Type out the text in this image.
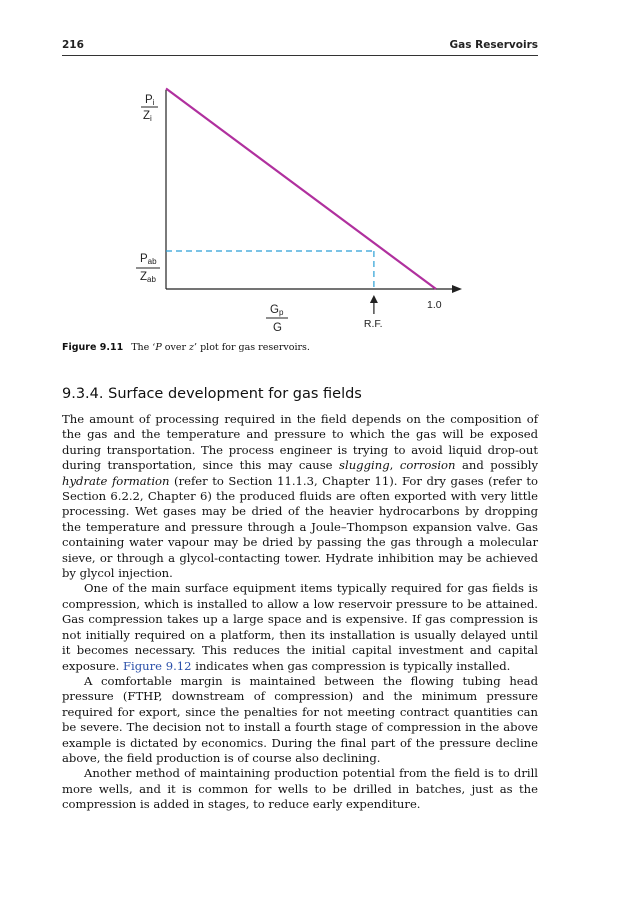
216	Gas Reservoirs
Pi
Zi
Pab
Zab
Gp
G
1.0
R.F.
Figure 9.11 The ‘P over z’ plot for gas reservoirs.
9.3.4. Surface development for gas fields

The amount of processing required in the field depends on the composition of the gas and the temperature and pressure to which the gas will be exposed during transportation. The process engineer is trying to avoid liquid drop-out during transportation, since this may cause slugging, corrosion and possibly hydrate formation (refer to Section 11.1.3, Chapter 11). For dry gases (refer to Section 6.2.2, Chapter 6) the produced fluids are often exported with very little processing. Wet gases may be dried of the heavier hydrocarbons by dropping the temperature and pressure through a Joule–Thompson expansion valve. Gas containing water vapour may be dried by passing the gas through a molecular sieve, or through a glycol-contacting tower. Hydrate inhibition may be achieved by glycol injection.

One of the main surface equipment items typically required for gas fields is compression, which is installed to allow a low reservoir pressure to be attained. Gas compression takes up a large space and is expensive. If gas compression is not initially required on a platform, then its installation is usually delayed until it becomes necessary. This reduces the initial capital investment and capital exposure. Figure 9.12 indicates when gas compression is typically installed.

A comfortable margin is maintained between the flowing tubing head pressure (FTHP, downstream of compression) and the minimum pressure required for export, since the penalties for not meeting contract quantities can be severe. The decision not to install a fourth stage of compression in the above example is dictated by economics. During the final part of the pressure decline above, the field production is of course also declining.

Another method of maintaining production potential from the field is to drill more wells, and it is common for wells to be drilled in batches, just as the compression is added in stages, to reduce early expenditure.
